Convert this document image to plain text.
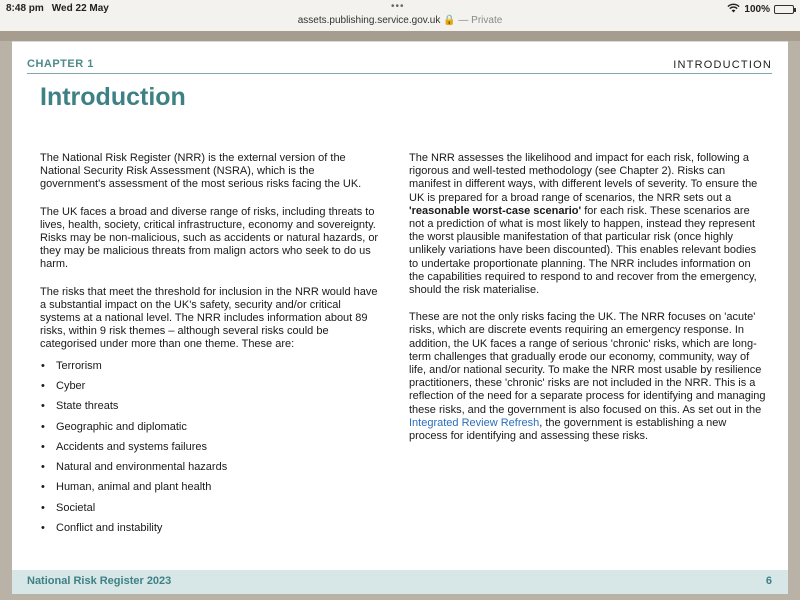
8:48 pm Wed 22 May	•••
assets.publishing.service.gov.uk 🔒 — Private
100%
CHAPTER 1	INTRODUCTION
Introduction

The National Risk Register (NRR) is the external version of the National Security Risk Assessment (NSRA), which is the government's assessment of the most serious risks facing the UK.

The UK faces a broad and diverse range of risks, including threats to lives, health, society, critical infrastructure, economy and sovereignty. Risks may be non-malicious, such as accidents or natural hazards, or they may be malicious threats from malign actors who seek to do us harm.

The risks that meet the threshold for inclusion in the NRR would have a substantial impact on the UK's safety, security and/or critical systems at a national level. The NRR includes information about 89 risks, within 9 risk themes – although several risks could be categorised under more than one theme. These are:

• Terrorism
• Cyber
• State threats
• Geographic and diplomatic
• Accidents and systems failures
• Natural and environmental hazards
• Human, animal and plant health
• Societal
• Conflict and instability

The NRR assesses the likelihood and impact for each risk, following a rigorous and well-tested methodology (see Chapter 2). Risks can manifest in different ways, with different levels of severity. To ensure the UK is prepared for a broad range of scenarios, the NRR sets out a 'reasonable worst-case scenario' for each risk. These scenarios are not a prediction of what is most likely to happen, instead they represent the worst plausible manifestation of that particular risk (once highly unlikely variations have been discounted). This enables relevant bodies to undertake proportionate planning. The NRR includes information on the capabilities required to respond to and recover from the emergency, should the risk materialise.

These are not the only risks facing the UK. The NRR focuses on 'acute' risks, which are discrete events requiring an emergency response. In addition, the UK faces a range of serious 'chronic' risks, which are long-term challenges that gradually erode our economy, community, way of life, and/or national security. To make the NRR most usable by resilience practitioners, these 'chronic' risks are not included in the NRR. This is a reflection of the need for a separate process for identifying and managing these risks, and the government is also focused on this. As set out in the Integrated Review Refresh, the government is establishing a new process for identifying and assessing these risks.

National Risk Register 2023	6
